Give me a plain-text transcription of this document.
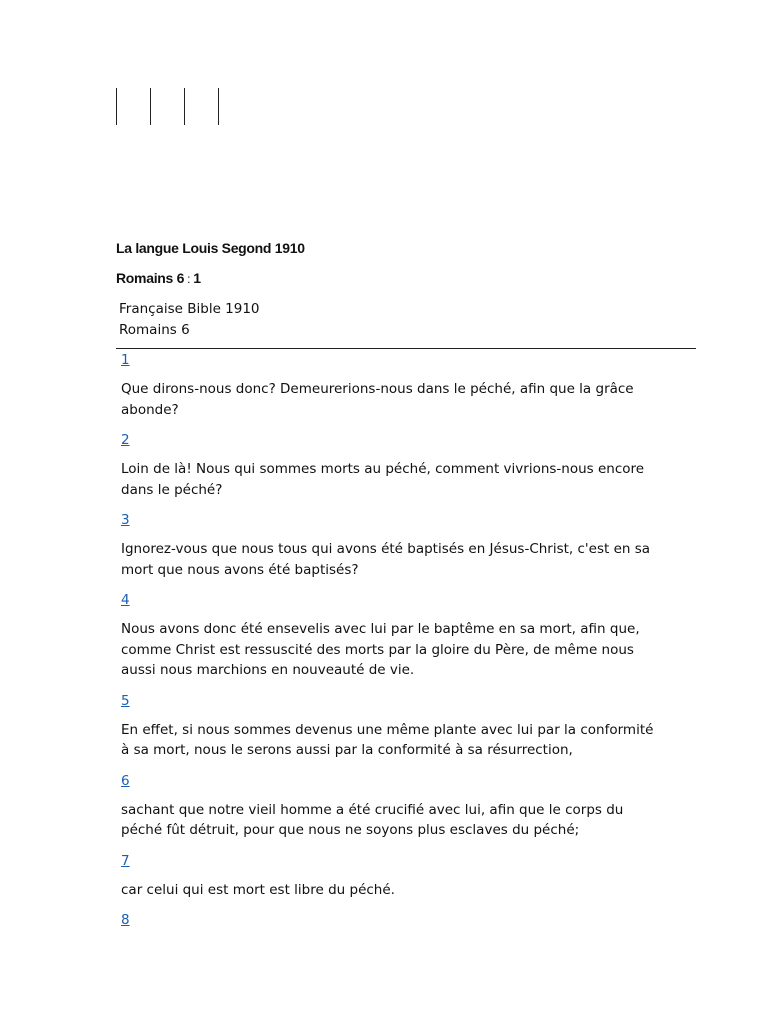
La langue Louis Segond 1910
Romains 6 : 1
Française Bible 1910
Romains 6
1

Que dirons-nous donc? Demeurerions-nous dans le péché, afin que la grâce abonde?

2

Loin de là! Nous qui sommes morts au péché, comment vivrions-nous encore dans le péché?

3

Ignorez-vous que nous tous qui avons été baptisés en Jésus-Christ, c'est en sa mort que nous avons été baptisés?

4

Nous avons donc été ensevelis avec lui par le baptême en sa mort, afin que, comme Christ est ressuscité des morts par la gloire du Père, de même nous aussi nous marchions en nouveauté de vie.

5

En effet, si nous sommes devenus une même plante avec lui par la conformité à sa mort, nous le serons aussi par la conformité à sa résurrection,

6

sachant que notre vieil homme a été crucifié avec lui, afin que le corps du péché fût détruit, pour que nous ne soyons plus esclaves du péché;

7

car celui qui est mort est libre du péché.

8
